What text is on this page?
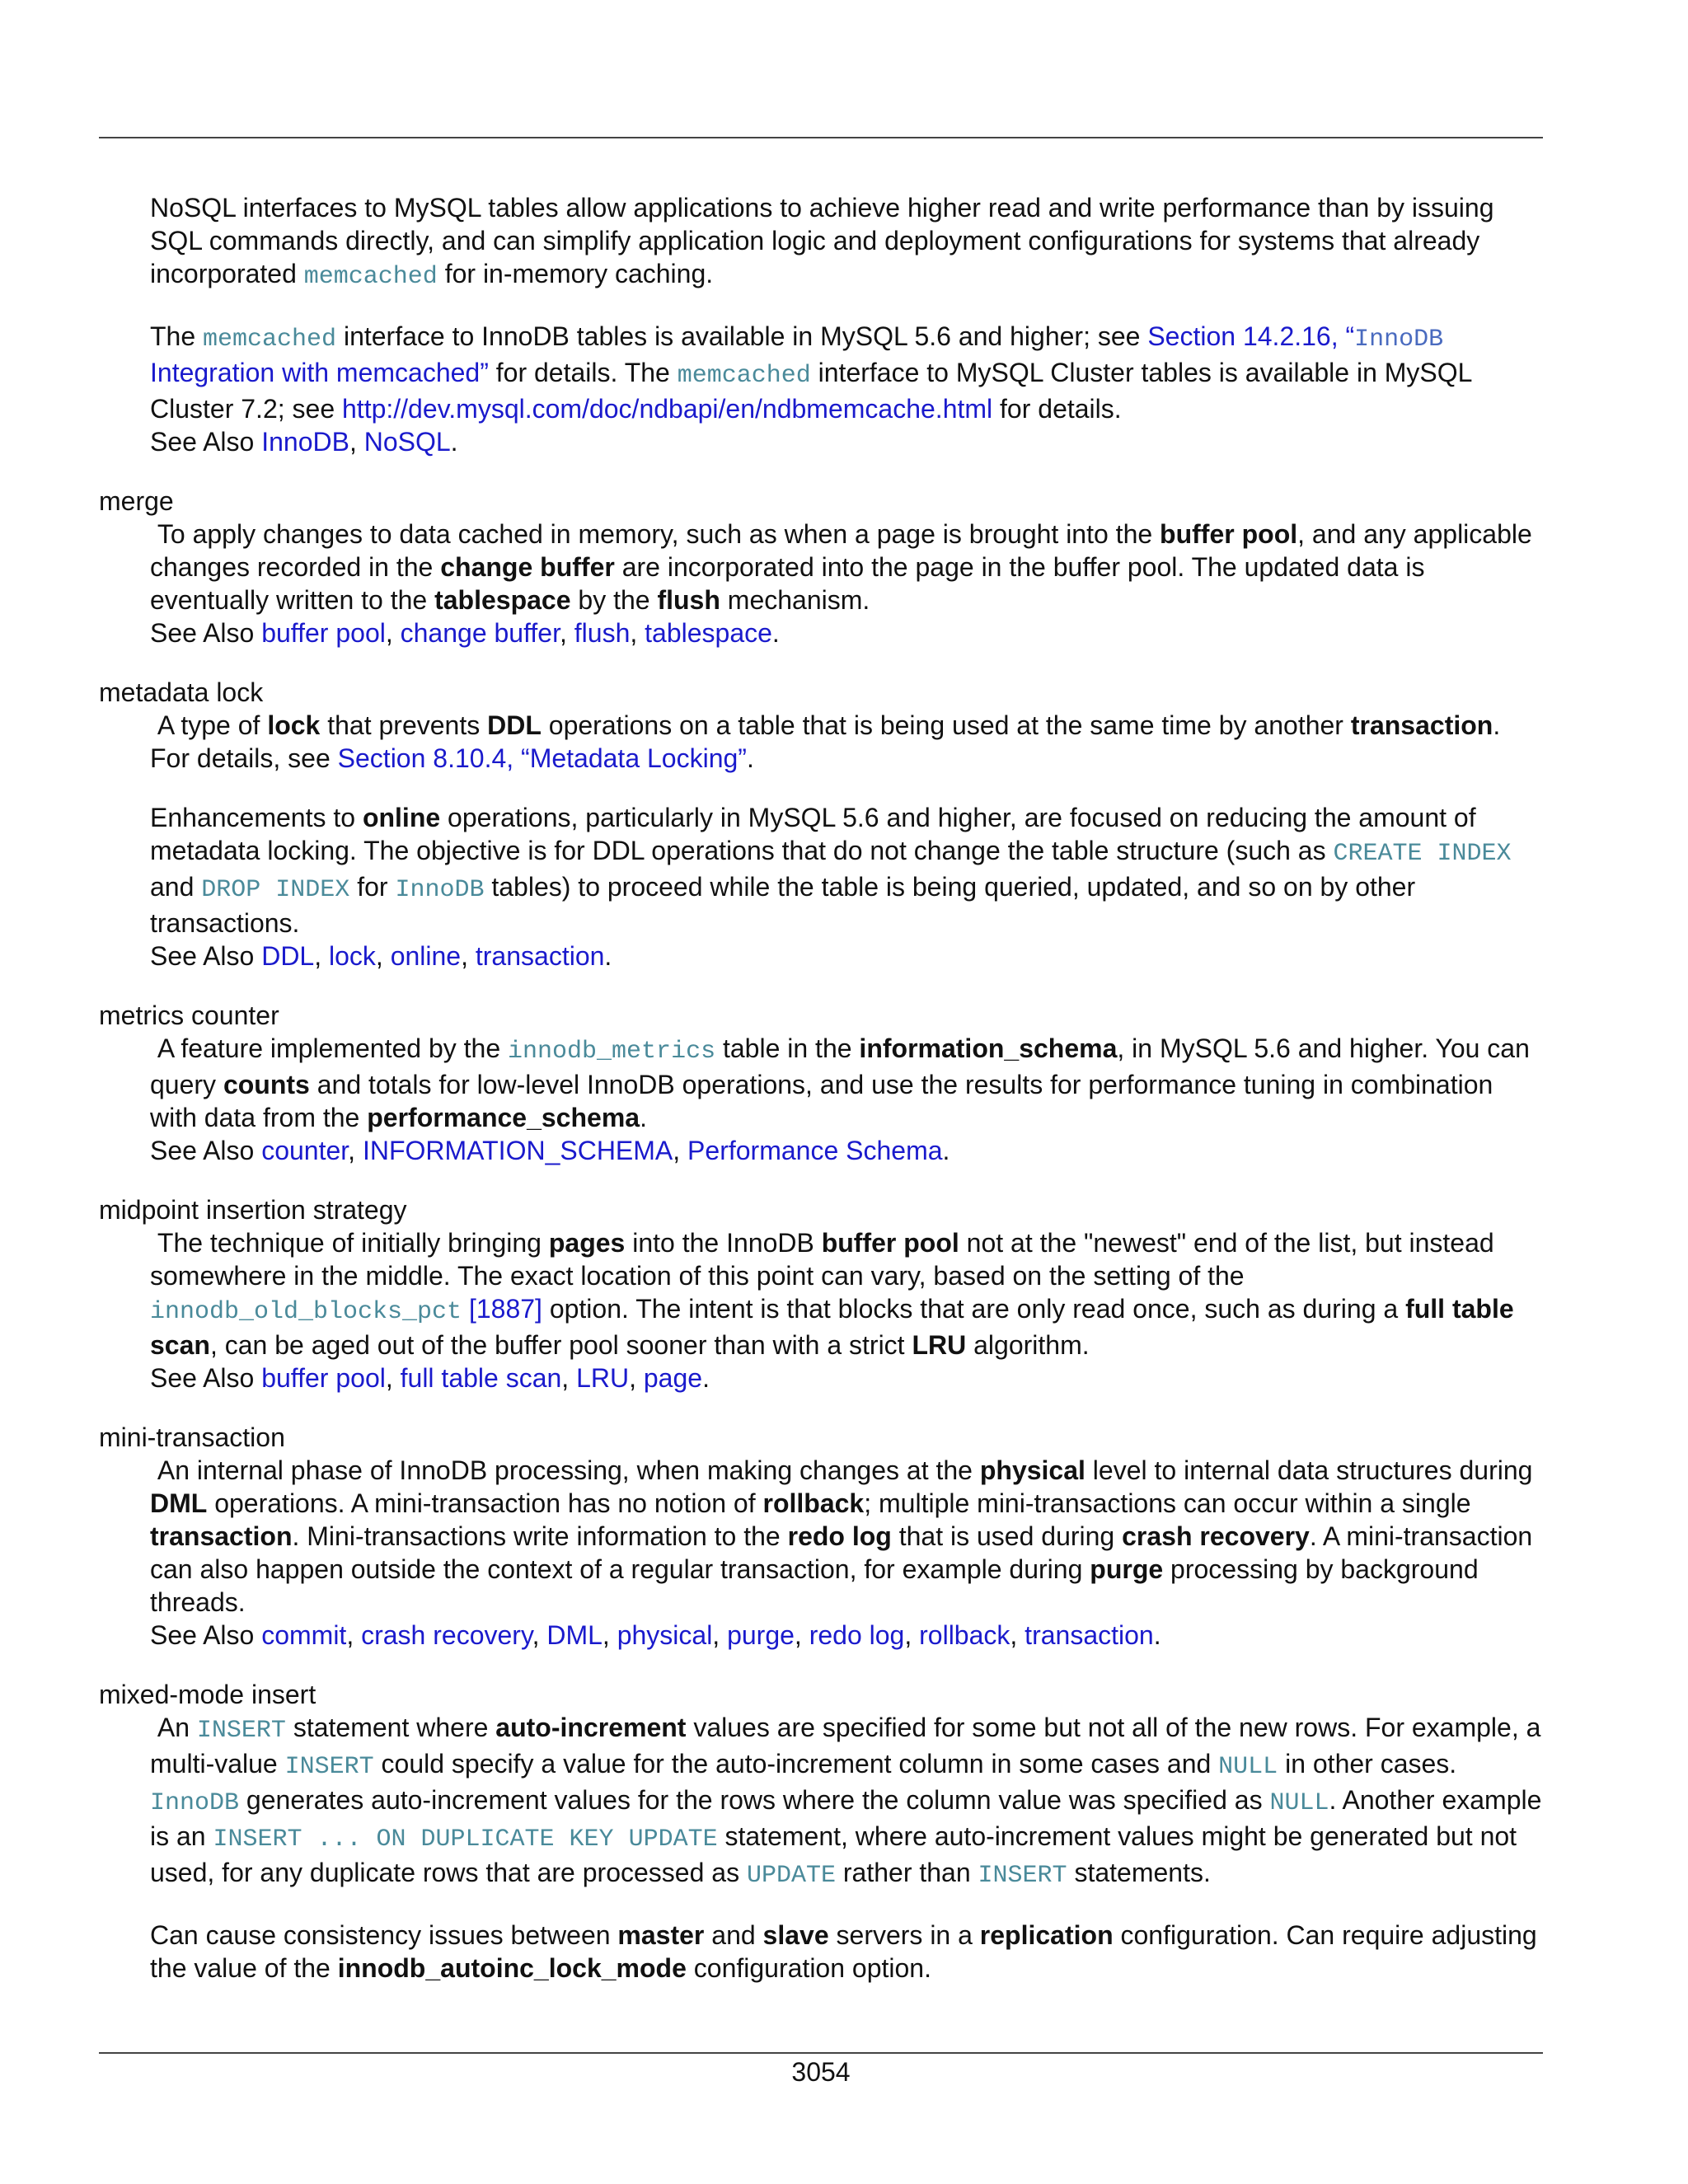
NoSQL interfaces to MySQL tables allow applications to achieve higher read and write performance than by issuing SQL commands directly, and can simplify application logic and deployment configurations for systems that already incorporated memcached for in-memory caching.

The memcached interface to InnoDB tables is available in MySQL 5.6 and higher; see Section 14.2.16, “InnoDB Integration with memcached” for details. The memcached interface to MySQL Cluster tables is available in MySQL Cluster 7.2; see http://dev.mysql.com/doc/ndbapi/en/ndbmemcache.html for details.

See Also InnoDB, NoSQL.

merge

To apply changes to data cached in memory, such as when a page is brought into the buffer pool, and any applicable changes recorded in the change buffer are incorporated into the page in the buffer pool. The updated data is eventually written to the tablespace by the flush mechanism.

See Also buffer pool, change buffer, flush, tablespace.

metadata lock

A type of lock that prevents DDL operations on a table that is being used at the same time by another transaction. For details, see Section 8.10.4, “Metadata Locking”.

Enhancements to online operations, particularly in MySQL 5.6 and higher, are focused on reducing the amount of metadata locking. The objective is for DDL operations that do not change the table structure (such as CREATE INDEX and DROP INDEX for InnoDB tables) to proceed while the table is being queried, updated, and so on by other transactions.

See Also DDL, lock, online, transaction.

metrics counter

A feature implemented by the innodb_metrics table in the information_schema, in MySQL 5.6 and higher. You can query counts and totals for low-level InnoDB operations, and use the results for performance tuning in combination with data from the performance_schema.

See Also counter, INFORMATION_SCHEMA, Performance Schema.

midpoint insertion strategy

The technique of initially bringing pages into the InnoDB buffer pool not at the "newest" end of the list, but instead somewhere in the middle. The exact location of this point can vary, based on the setting of the innodb_old_blocks_pct [1887] option. The intent is that blocks that are only read once, such as during a full table scan, can be aged out of the buffer pool sooner than with a strict LRU algorithm.

See Also buffer pool, full table scan, LRU, page.

mini-transaction

An internal phase of InnoDB processing, when making changes at the physical level to internal data structures during DML operations. A mini-transaction has no notion of rollback; multiple mini-transactions can occur within a single transaction. Mini-transactions write information to the redo log that is used during crash recovery. A mini-transaction can also happen outside the context of a regular transaction, for example during purge processing by background threads.

See Also commit, crash recovery, DML, physical, purge, redo log, rollback, transaction.

mixed-mode insert

An INSERT statement where auto-increment values are specified for some but not all of the new rows. For example, a multi-value INSERT could specify a value for the auto-increment column in some cases and NULL in other cases. InnoDB generates auto-increment values for the rows where the column value was specified as NULL. Another example is an INSERT ... ON DUPLICATE KEY UPDATE statement, where auto-increment values might be generated but not used, for any duplicate rows that are processed as UPDATE rather than INSERT statements.

Can cause consistency issues between master and slave servers in a replication configuration. Can require adjusting the value of the innodb_autoinc_lock_mode configuration option.

3054
